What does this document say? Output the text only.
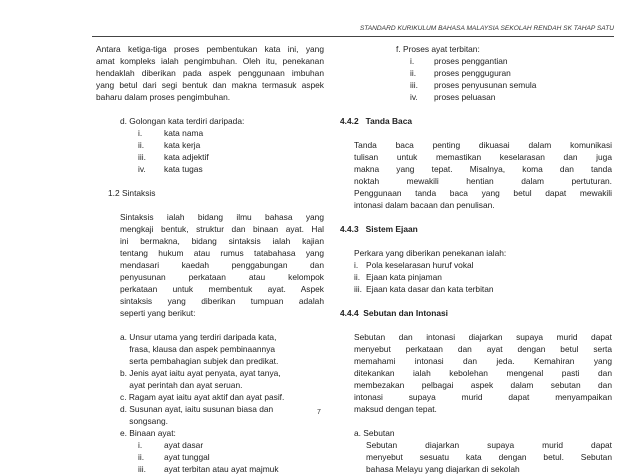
STANDARD KURIKULUM BAHASA MALAYSIA SEKOLAH RENDAH SK TAHAP SATU

Antara ketiga-tiga proses pembentukan kata ini, yang

amat kompleks ialah pengimbuhan. Oleh itu, penekanan

hendaklah diberikan pada aspek penggunaan imbuhan

yang betul dari segi bentuk dan makna termasuk aspek

baharu dalam proses pengimbuhan.

d. Golongan kata terdiri daripada:

i.	kata nama
ii.	kata kerja
iii.	kata adjektif
iv.	kata tugas

1.2 Sintaksis

Sintaksis ialah bidang ilmu bahasa yang

mengkaji bentuk, struktur dan binaan ayat. Hal

ini bermakna, bidang sintaksis ialah kajian

tentang hukum atau rumus tatabahasa yang

mendasari kaedah penggabungan dan

penyusunan perkataan atau kelompok

perkataan untuk membentuk ayat. Aspek

sintaksis yang diberikan tumpuan adalah

seperti yang berikut:

a. Unsur utama yang terdiri daripada kata,

frasa, klausa dan aspek pembinaannya

serta pembahagian subjek dan predikat.

b. Jenis ayat iaitu ayat penyata, ayat tanya,

ayat perintah dan ayat seruan.

c. Ragam ayat iaitu ayat aktif dan ayat pasif.

d. Susunan ayat, iaitu susunan biasa dan

songsang.

e. Binaan ayat:

i.	ayat dasar
ii.	ayat tunggal
iii.	ayat terbitan atau ayat majmuk

f. Proses ayat terbitan:

i.	proses penggantian
ii.	proses pengguguran
iii.	proses penyusunan semula
iv.	proses peluasan

4.4.2 Tanda Baca

Tanda baca penting dikuasai dalam komunikasi

tulisan untuk memastikan keselarasan dan juga

makna yang tepat. Misalnya, koma dan tanda

noktah mewakili hentian dalam pertuturan.

Penggunaan tanda baca yang betul dapat mewakili

intonasi dalam bacaan dan penulisan.

4.4.3 Sistem Ejaan

Perkara yang diberikan penekanan ialah:

i. Pola keselarasan huruf vokal
ii. Ejaan kata pinjaman
iii. Ejaan kata dasar dan kata terbitan

4.4.4 Sebutan dan Intonasi

Sebutan dan intonasi diajarkan supaya murid dapat

menyebut perkataan dan ayat dengan betul serta

memahami intonasi dan jeda. Kemahiran yang

ditekankan ialah kebolehan mengenal pasti dan

membezakan pelbagai aspek dalam sebutan dan

intonasi supaya murid dapat menyampaikan

maksud dengan tepat.

a. Sebutan

Sebutan diajarkan supaya murid dapat

menyebut sesuatu kata dengan betul. Sebutan

bahasa Melayu yang diajarkan di sekolah

7
